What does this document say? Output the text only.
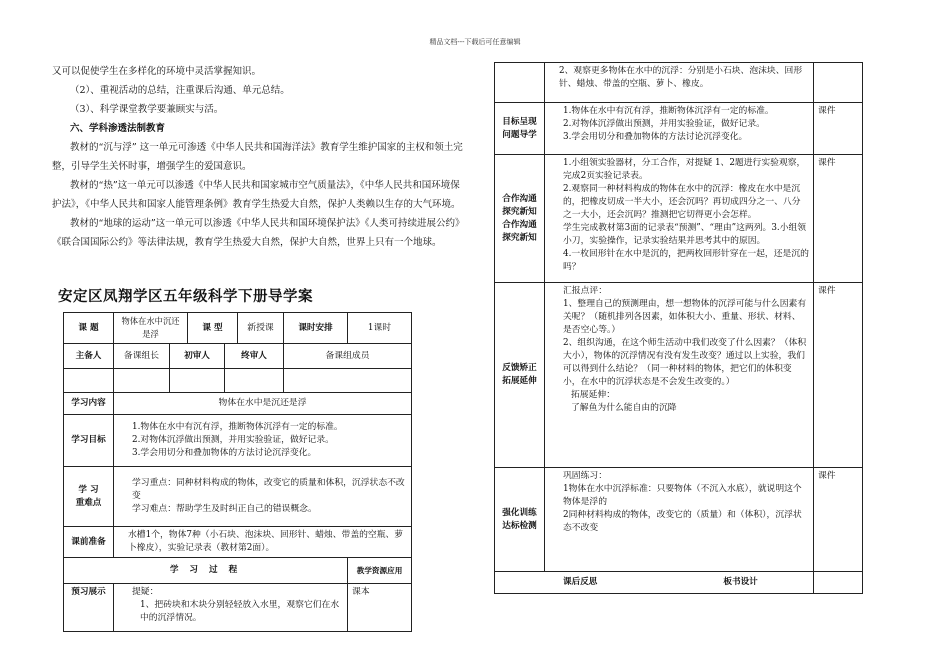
精品文档---下载后可任意编辑

又可以促使学生在多样化的环境中灵活掌握知识。

（2）、重视活动的总结，注重课后沟通、单元总结。

（3）、科学课堂教学要兼顾实与活。

六、学科渗透法制教育

教材的“沉与浮” 这一单元可渗透《中华人民共和国海洋法》教育学生维护国家的主权和领土完整，引导学生关怀时事，增强学生的爱国意识。

教材的“热”这一单元可以渗透《中华人民共和国家城市空气质量法》，《中华人民共和国环境保护法》，《中华人民共和国家人能管理条例》教育学生热爱大自然，保护人类赖以生存的大气环境。

教材的“地球的运动”这一单元可以渗透《中华人民共和国环境保护法》《人类可持续进展公约》《联合国国际公约》等法律法规，教育学生热爱大自然，保护大自然，世界上只有一个地球。

安定区凤翔学区五年级科学下册导学案
课 题	物体在水中沉还是浮		课 型		新授课	课时安排	1课时
主备人	备课组长	初审人		终审人		备课组成员	

学习内容	物体在水中是沉还是浮						
学习目标	1.物体在水中有沉有浮，推断物体沉浮有一定的标准。
2.对物体沉浮做出预测，并用实验验证，做好记录。
3.学会用切分和叠加物体的方法讨论沉浮变化。						

学 习
重难点	学习重点：同种材料构成的物体，改变它的质量和体积，沉浮状态不改变
学习难点：帮助学生及时纠正自己的错误概念。						

课前准备	水槽1个，物体7种（小石块、泡沫块、回形针、蜡烛、带盖的空瓶、萝卜橡皮），实验记录表（教材第2面）。						
学 习 过 程							教学资源应用
预习展示	提疑：
1、把砖块和木块分别轻轻放入水里，观察它们在水中的沉浮情况。						课本
	2、观察更多物体在水中的沉浮：分别是小石块、泡沫块、回形针、蜡烛、带盖的空瓶、萝卜、橡皮。	
目标呈现问题导学	1.物体在水中有沉有浮，推断物体沉浮有一定的标准。
2.对物体沉浮做出预测，并用实验验证，做好记录。
3.学会用切分和叠加物体的方法讨论沉浮变化。	课件
合作沟通探究新知合作沟通探究新知	1.小组领实验器材，分工合作，对提疑 1、2题进行实验观察，完成2页实验记录表。
2.观察同一种材料构成的物体在水中的沉浮：橡皮在水中是沉的，把橡皮切成一半大小，还会沉吗？再切成四分之一、八分之一大小，还会沉吗？推测把它切得更小会怎样。
学生完成教材第3面的记录表“预测”、“理由”这两列。3.小组领小刀，实验操作，记录实验结果并思考其中的原因。
4.一枚回形针在水中是沉的，把两枚回形针穿在一起，还是沉的吗？	课件
反馈矫正拓展延伸	汇报点评：
1、整理自己的预测理由，想一想物体的沉浮可能与什么因素有关呢？（随机排列各因素，如体积大小、重量、形状、材料、是否空心等。）
2、组织沟通，在这个师生活动中我们改变了什么因素？（体积大小），物体的沉浮情况有没有发生改变？通过以上实验，我们可以得到什么结论？（同一种材料的物体，把它们的体积变小，在水中的沉浮状态是不会发生改变的。）
拓展延伸：
了解鱼为什么能自由的沉降	课件
强化训练达标检测	巩固练习：
1物体在水中沉浮标准：只要物体（不沉入水底），就说明这个物体是浮的
2同种材料构成的物体，改变它的（质量）和（体积），沉浮状态不改变	课件
课后反思 板书设计		
